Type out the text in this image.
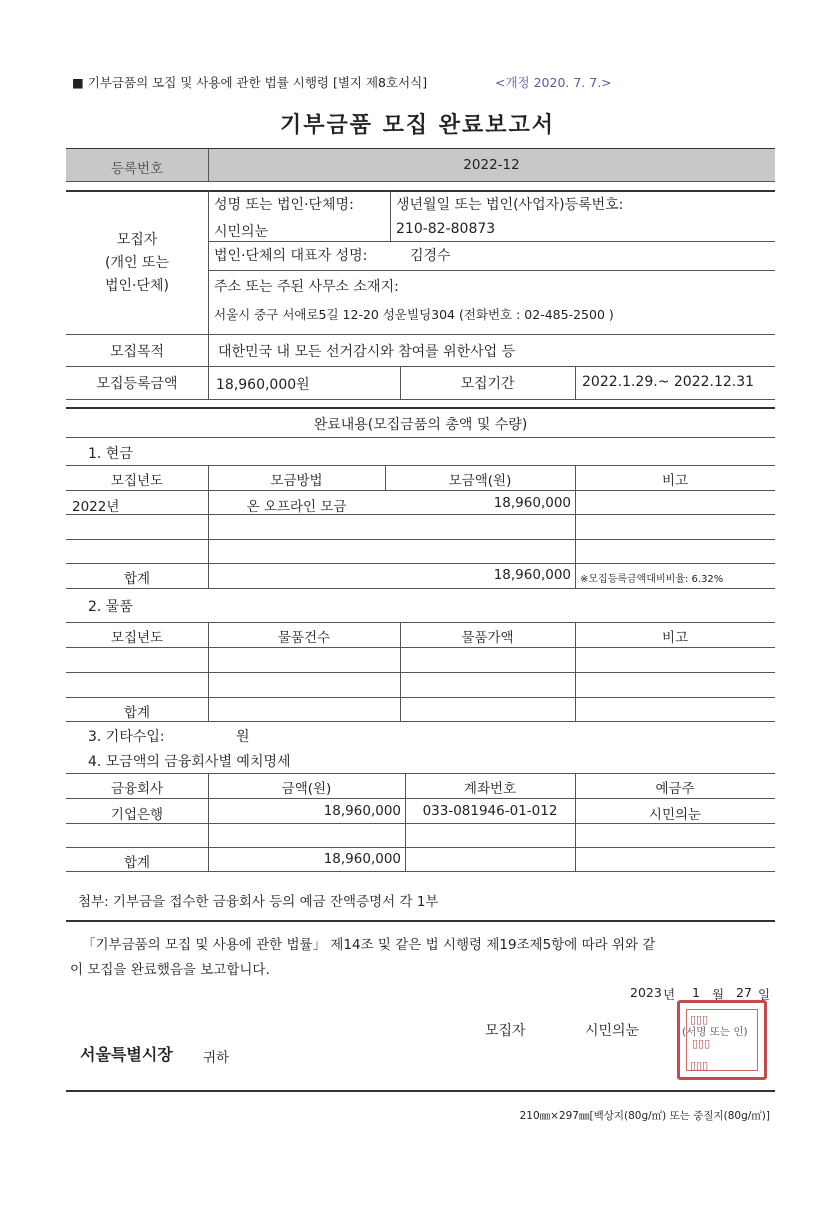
■ 기부금품의 모집 및 사용에 관한 법률 시행령 [별지 제8호서식]	<개정 2020. 7. 7.>
기부금품 모집 완료보고서
등록번호	2022-12
모집자
(개인 또는
법인·단체)
성명 또는 법인·단체명:
시민의눈
생년월일 또는 법인(사업자)등록번호:
210-82-80873
법인·단체의 대표자 성명:	김경수
주소 또는 주된 사무소 소재지:
서울시 중구 서애로5길 12-20 성운빌딩304 (전화번호 : 02-485-2500 )
모집목적	대한민국 내 모든 선거감시와 참여를 위한사업 등
모집등록금액	18,960,000원	모집기간	2022.1.29.~ 2022.12.31
완료내용(모집금품의 총액 및 수량)
1. 현금
모집년도	모금방법	모금액(원)	비고
2022년	온 오프라인 모금	18,960,000
합계	18,960,000 ※모집등록금액대비비율: 6.32%
2. 물품
모집년도	물품건수	물품가액	비고
합계
3. 기타수입:	원
4. 모금액의 금융회사별 예치명세
금융회사	금액(원)	계좌번호	예금주
기업은행	18,960,000	033-081946-01-012	시민의눈
합계	18,960,000
첨부: 기부금을 접수한 금융회사 등의 예금 잔액증명서 각 1부
「기부금품의 모집 및 사용에 관한 법률」 제14조 및 같은 법 시행령 제19조제5항에 따라 위와 같
이 모집을 완료했음을 보고합니다.
2023 년 1 월 27 일
모집자	시민의눈	(서명 또는 인)
▯▯▯
▯▯▯
▯▯▯
서울특별시장 귀하
210㎜×297㎜[백상지(80g/㎡) 또는 중질지(80g/㎡)]
